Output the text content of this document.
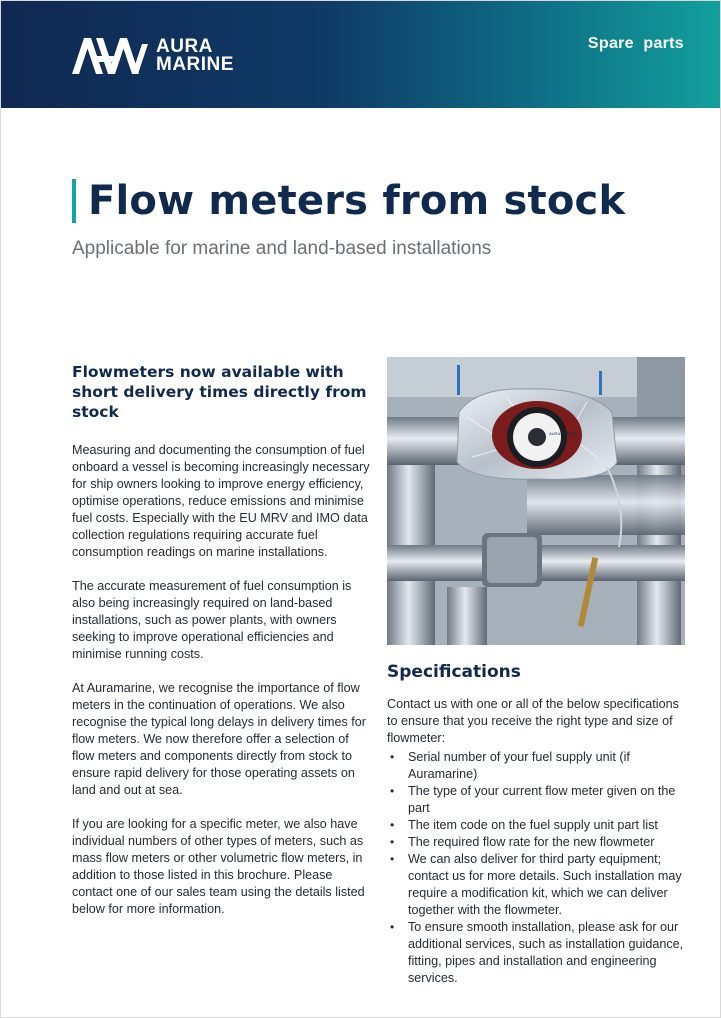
AURA
MARINE
Spare  parts
Flow meters from stock
Applicable for marine and land-based installations
Flowmeters now available with short delivery times directly from stock

Measuring and documenting the consumption of fuel onboard a vessel is becoming increasingly necessary for ship owners looking to improve energy efficiency, optimise operations, reduce emissions and minimise fuel costs. Especially with the EU MRV and IMO data collection regulations requiring accurate fuel consumption readings on marine installations.

The accurate measurement of fuel consumption is also being increasingly required on land-based installations, such as power plants, with owners seeking to improve operational efficiencies and minimise running costs.

At Auramarine, we recognise the importance of flow meters in the continuation of operations. We also recognise the typical long delays in delivery times for flow meters. We now therefore offer a selection of flow meters and components directly from stock to ensure rapid delivery for those operating assets on land and out at sea.

If you are looking for a specific meter, we also have individual numbers of other types of meters, such as mass flow meters or other volumetric flow meters, in addition to those listed in this brochure. Please contact one of our sales team using the details listed below for more information.

AURA MARINE
Specifications

Contact us with one or all of the below specifications to ensure that you receive the right type and size of flowmeter:

• Serial number of your fuel supply unit (if Auramarine)
• The type of your current flow meter given on the part
• The item code on the fuel supply unit part list
• The required flow rate for the new flowmeter
• We can also deliver for third party equipment; contact us for more details. Such installation may require a modification kit, which we can deliver together with the flowmeter.
• To ensure smooth installation, please ask for our additional services, such as installation guidance, fitting, pipes and installation and engineering services.
